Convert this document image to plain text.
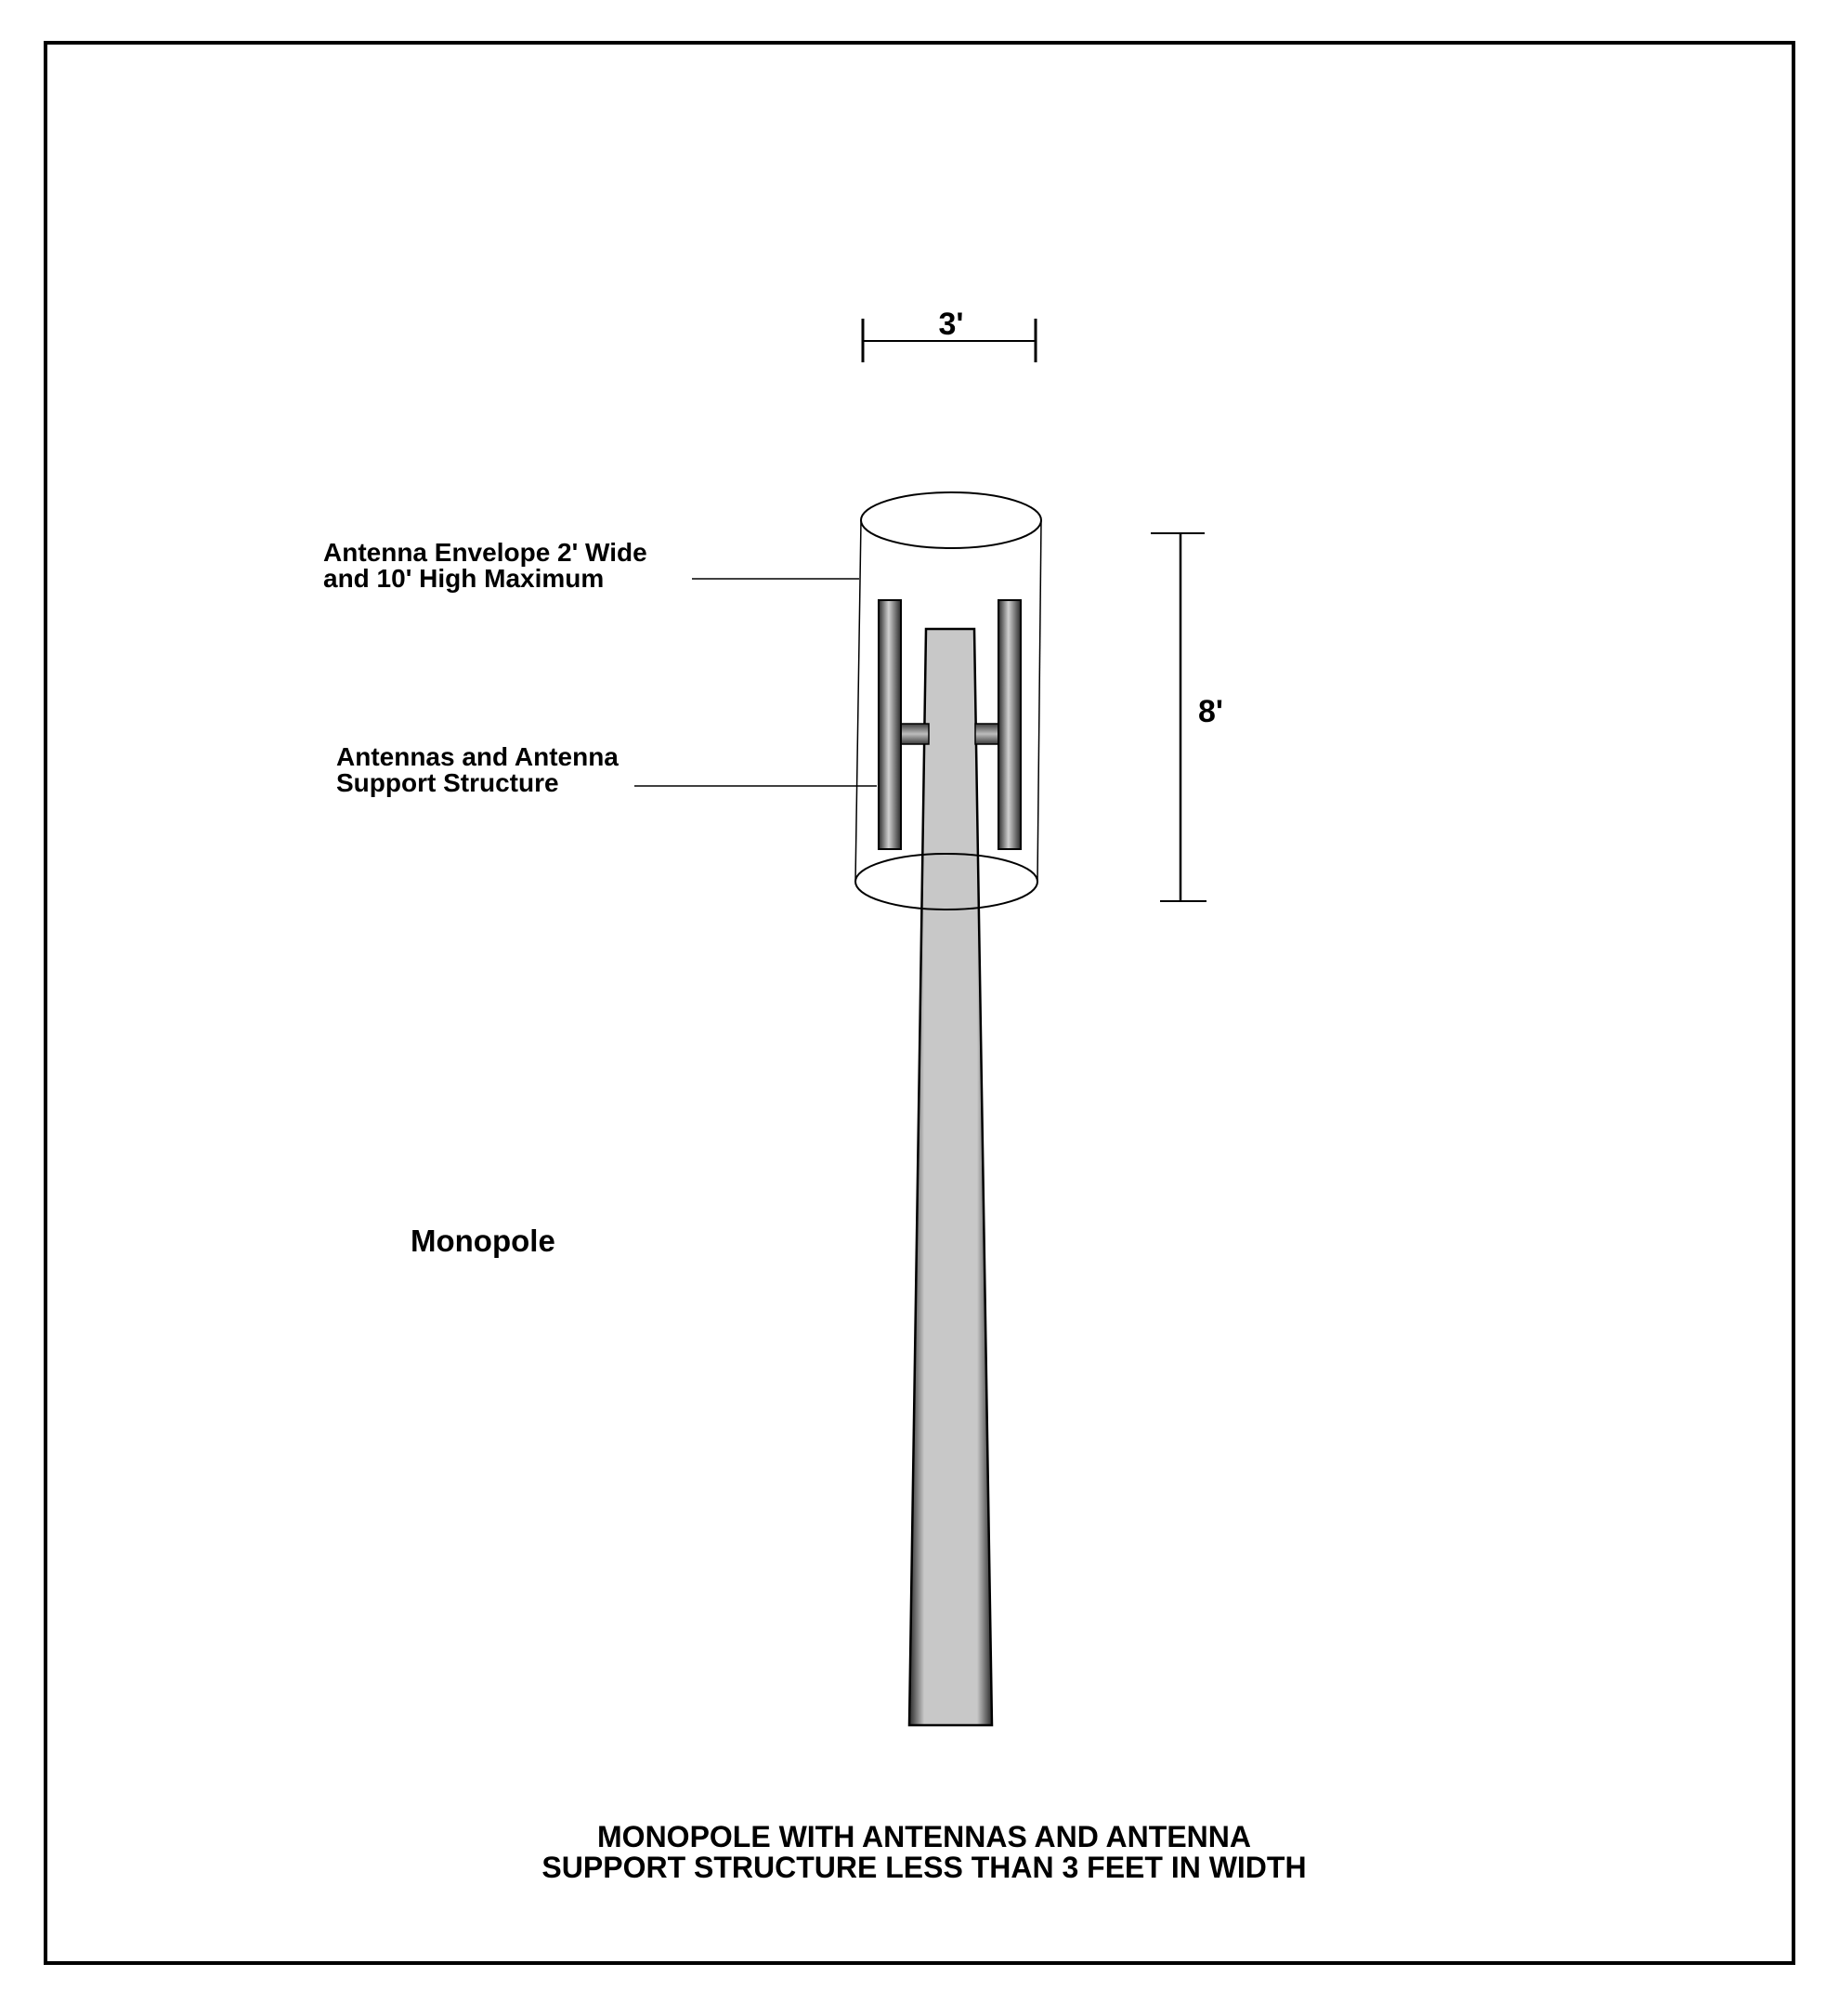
3'
8'
Antenna Envelope 2' Wide
and 10' High Maximum
Antennas and Antenna
Support Structure
Monopole
MONOPOLE WITH ANTENNAS AND ANTENNA
SUPPORT STRUCTURE LESS THAN 3 FEET IN WIDTH
